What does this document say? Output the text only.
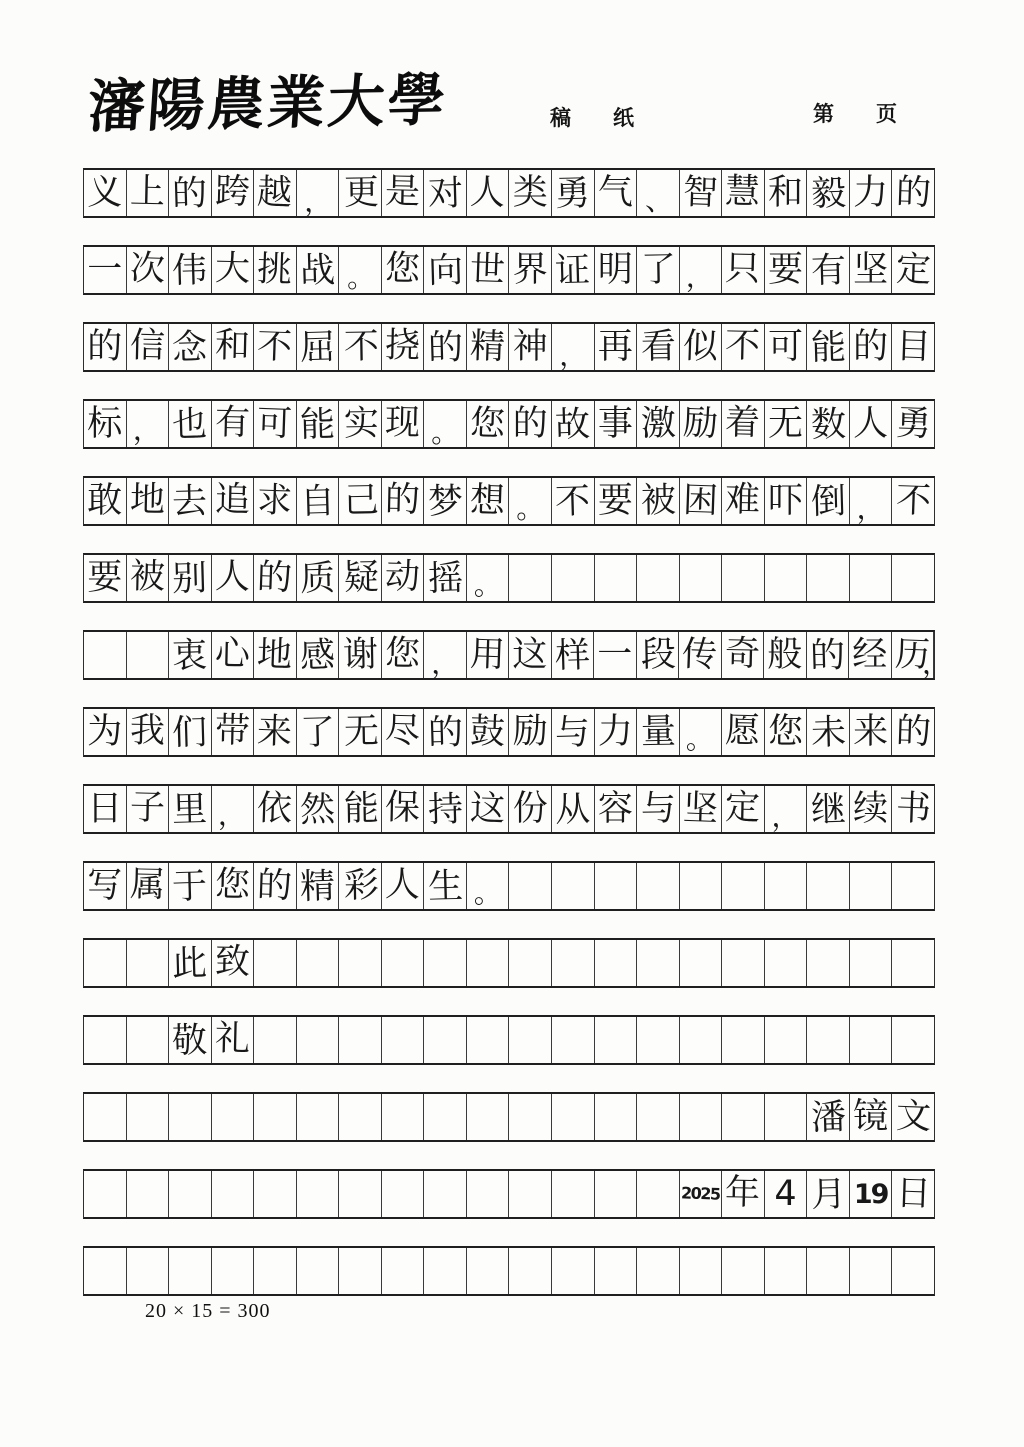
瀋陽農業大學	稿　　纸	第　　页
义 上 的 跨 越 ， 更 是 对 人 类 勇 气 、 智 慧 和 毅 力 的
一 次 伟 大 挑 战 。 您 向 世 界 证 明 了 ， 只 要 有 坚 定
的 信 念 和 不 屈 不 挠 的 精 神 ， 再 看 似 不 可 能 的 目
标 ， 也 有 可 能 实 现 。 您 的 故 事 激 励 着 无 数 人 勇
敢 地 去 追 求 自 己 的 梦 想 。 不 要 被 困 难 吓 倒 ， 不
要 被 别 人 的 质 疑 动 摇 。
衷 心 地 感 谢 您 ， 用 这 样 一 段 传 奇 般 的 经 历
，
为 我 们 带 来 了 无 尽 的 鼓 励 与 力 量 。 愿 您 未 来 的
日 子 里 ， 依 然 能 保 持 这 份 从 容 与 坚 定 ， 继 续 书
写 属 于 您 的 精 彩 人 生 。
此 致
敬 礼
潘 镜 文
2025 年 4 月 19 日
20 × 15 = 300
